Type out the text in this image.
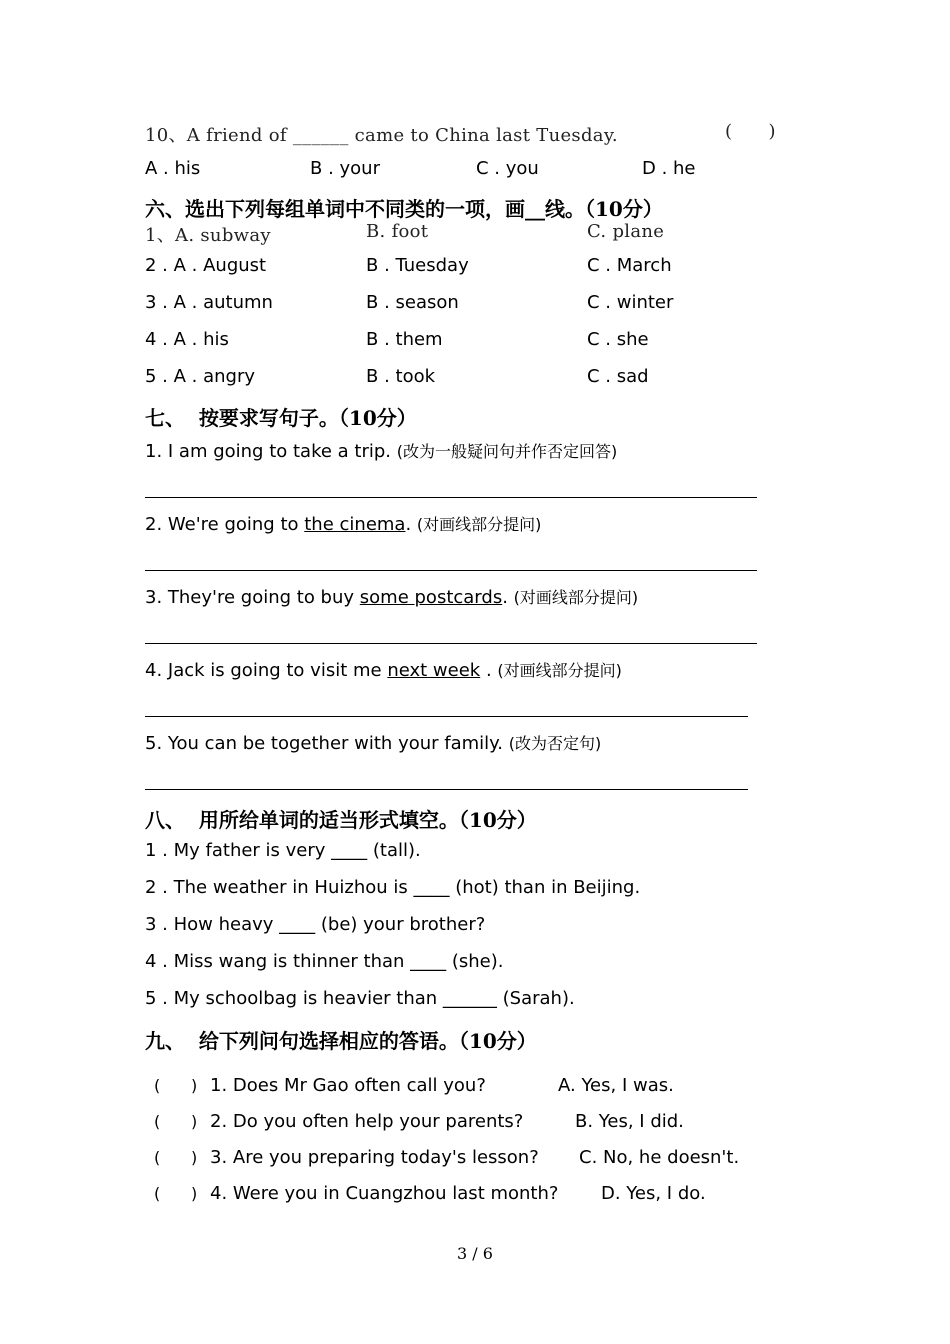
10、A friend of ______ came to China last Tuesday.	(      )
A . his	B . your	C . you	D . he
六、选出下列每组单词中不同类的一项，画__线。（10分）
1、A. subway	B. foot	C. plane
2 . A . August	B . Tuesday	C . March
3 . A . autumn	B . season	C . winter
4 . A . his	B . them	C . she
5 . A . angry	B . took	C . sad
七、  按要求写句子。（10分）
1. I am going to take a trip. (改为一般疑问句并作否定回答)
2. We're going to the cinema. (对画线部分提问)
3. They're going to buy some postcards. (对画线部分提问)
4. Jack is going to visit me next week . (对画线部分提问)
5. You can be together with your family. (改为否定句)
八、  用所给单词的适当形式填空。（10分）
1 . My father is very ____ (tall).
2 . The weather in Huizhou is ____ (hot) than in Beijing.
3 . How heavy ____ (be) your brother?
4 . Miss wang is thinner than ____ (she).
5 . My schoolbag is heavier than ______ (Sarah).
九、  给下列问句选择相应的答语。（10分）
( ) 1. Does Mr Gao often call you?	A. Yes, I was.
( ) 2. Do you often help your parents?	B. Yes, I did.
( ) 3. Are you preparing today's lesson? C. No, he doesn't.
( ) 4. Were you in Cuangzhou last month? D. Yes, I do.
3 / 6
